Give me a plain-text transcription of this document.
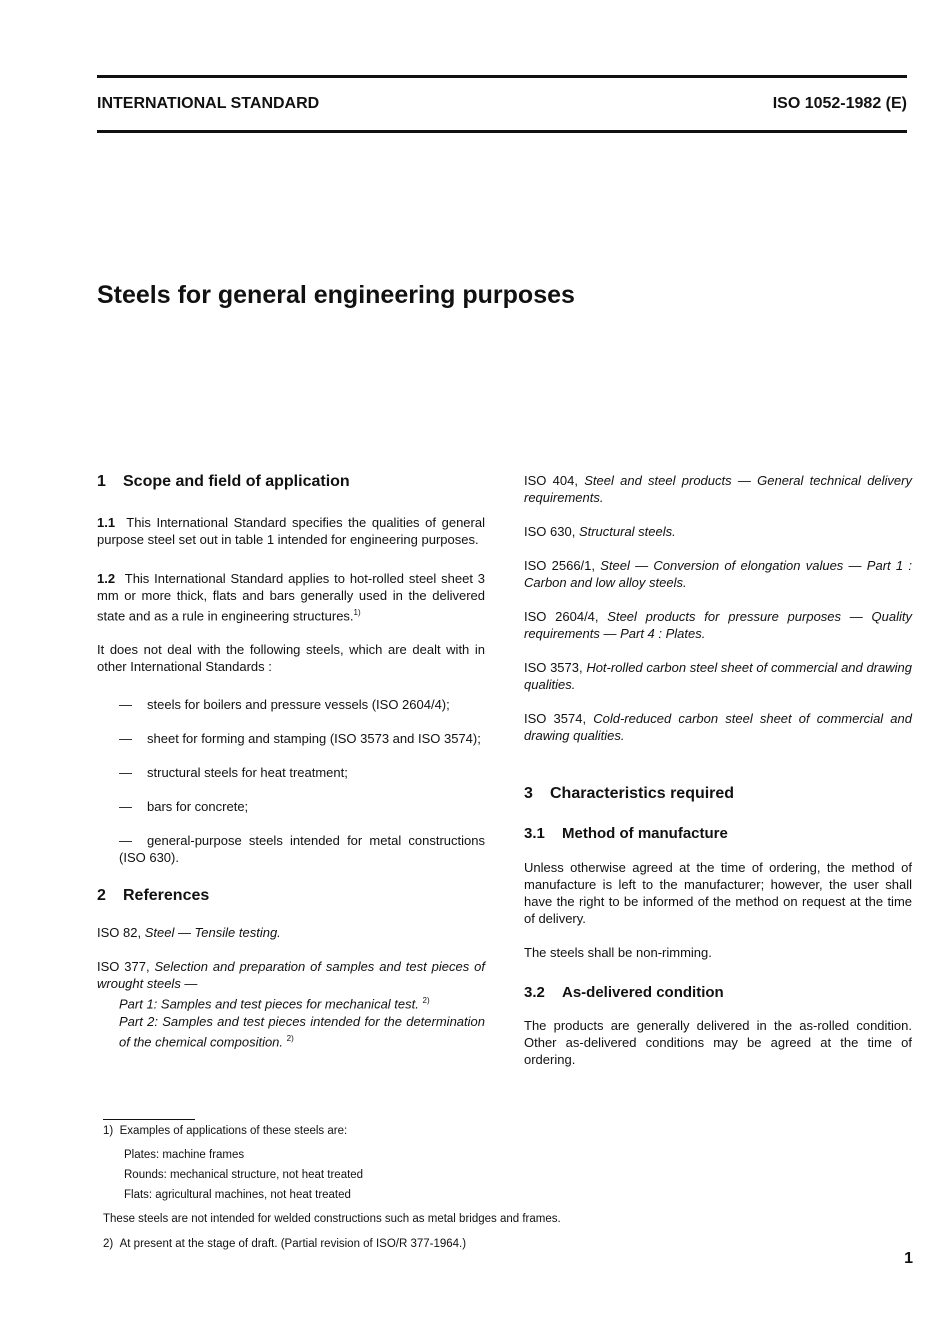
INTERNATIONAL STANDARD	ISO 1052-1982 (E)
Steels for general engineering purposes
1 Scope and field of application

1.1 This International Standard specifies the qualities of general purpose steel set out in table 1 intended for engineering purposes.

1.2 This International Standard applies to hot-rolled steel sheet 3 mm or more thick, flats and bars generally used in the delivered state and as a rule in engineering structures.$^{1)}$

It does not deal with the following steels, which are dealt with in other International Standards :

— steels for boilers and pressure vessels (ISO 2604/4);

— sheet for forming and stamping (ISO 3573 and ISO 3574);

— structural steels for heat treatment;

— bars for concrete;

— general-purpose steels intended for metal constructions (ISO 630).

2 References

ISO 82, Steel — Tensile testing.

ISO 377, Selection and preparation of samples and test pieces of wrought steels —

Part 1: Samples and test pieces for mechanical test. $^{2)}$

Part 2: Samples and test pieces intended for the determination of the chemical composition. $^{2)}$

ISO 404, Steel and steel products — General technical delivery requirements.

ISO 630, Structural steels.

ISO 2566/1, Steel — Conversion of elongation values — Part 1 : Carbon and low alloy steels.

ISO 2604/4, Steel products for pressure purposes — Quality requirements — Part 4 : Plates.

ISO 3573, Hot-rolled carbon steel sheet of commercial and drawing qualities.

ISO 3574, Cold-reduced carbon steel sheet of commercial and drawing qualities.

3 Characteristics required
3.1 Method of manufacture

Unless otherwise agreed at the time of ordering, the method of manufacture is left to the manufacturer; however, the user shall have the right to be informed of the method on request at the time of delivery.

The steels shall be non-rimming.

3.2 As-delivered condition

The products are generally delivered in the as-rolled condition. Other as-delivered conditions may be agreed at the time of ordering.

1) Examples of applications of these steels are:
Plates: machine frames
Rounds: mechanical structure, not heat treated
Flats: agricultural machines, not heat treated
These steels are not intended for welded constructions such as metal bridges and frames.
2) At present at the stage of draft. (Partial revision of ISO/R 377-1964.)
1
